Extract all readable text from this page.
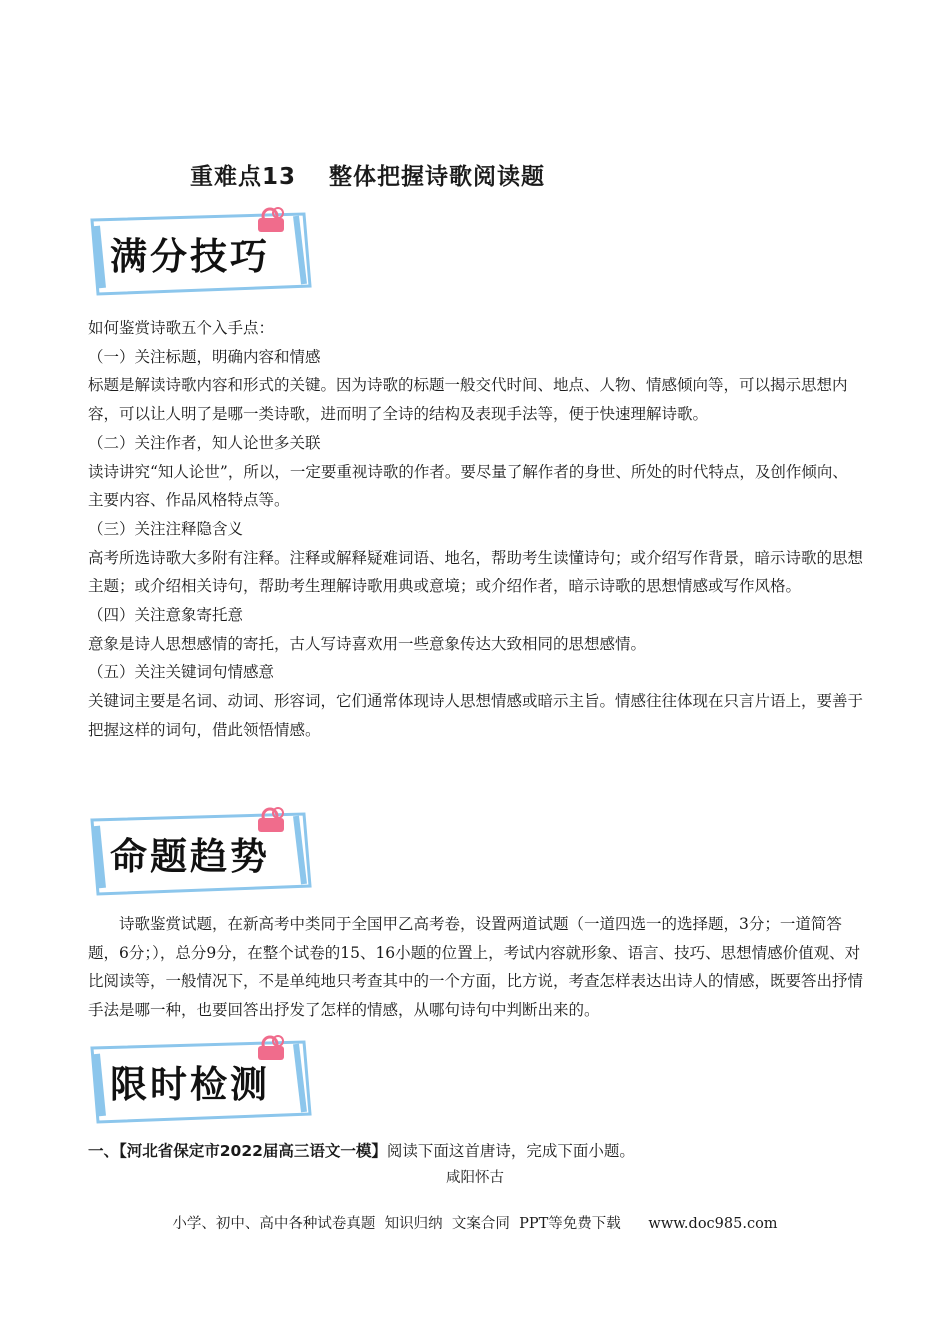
重难点13　 整体把握诗歌阅读题
满分技巧

如何鉴赏诗歌五个入手点：

（一）关注标题，明确内容和情感

标题是解读诗歌内容和形式的关键。因为诗歌的标题一般交代时间、地点、人物、情感倾向等，可以揭示思想内容，可以让人明了是哪一类诗歌，进而明了全诗的结构及表现手法等，便于快速理解诗歌。

（二）关注作者，知人论世多关联

读诗讲究“知人论世”，所以，一定要重视诗歌的作者。要尽量了解作者的身世、所处的时代特点，及创作倾向、主要内容、作品风格特点等。

（三）关注注释隐含义

高考所选诗歌大多附有注释。注释或解释疑难词语、地名，帮助考生读懂诗句；或介绍写作背景，暗示诗歌的思想主题；或介绍相关诗句，帮助考生理解诗歌用典或意境；或介绍作者，暗示诗歌的思想情感或写作风格。

（四）关注意象寄托意

意象是诗人思想感情的寄托，古人写诗喜欢用一些意象传达大致相同的思想感情。

（五）关注关键词句情感意

关键词主要是名词、动词、形容词，它们通常体现诗人思想情感或暗示主旨。情感往往体现在只言片语上，要善于把握这样的词句，借此领悟情感。

命题趋势

诗歌鉴赏试题，在新高考中类同于全国甲乙高考卷，设置两道试题（一道四选一的选择题，3分；一道简答题，6分；），总分9分，在整个试卷的15、16小题的位置上，考试内容就形象、语言、技巧、思想情感价值观、对比阅读等，一般情况下，不是单纯地只考查其中的一个方面，比方说，考查怎样表达出诗人的情感，既要答出抒情手法是哪一种，也要回答出抒发了怎样的情感，从哪句诗句中判断出来的。

限时检测
一、【河北省保定市2022届高三语文一模】阅读下面这首唐诗，完成下面小题。
咸阳怀古
小学、初中、高中各种试卷真题  知识归纳  文案合同  PPT等免费下载      www.doc985.com
